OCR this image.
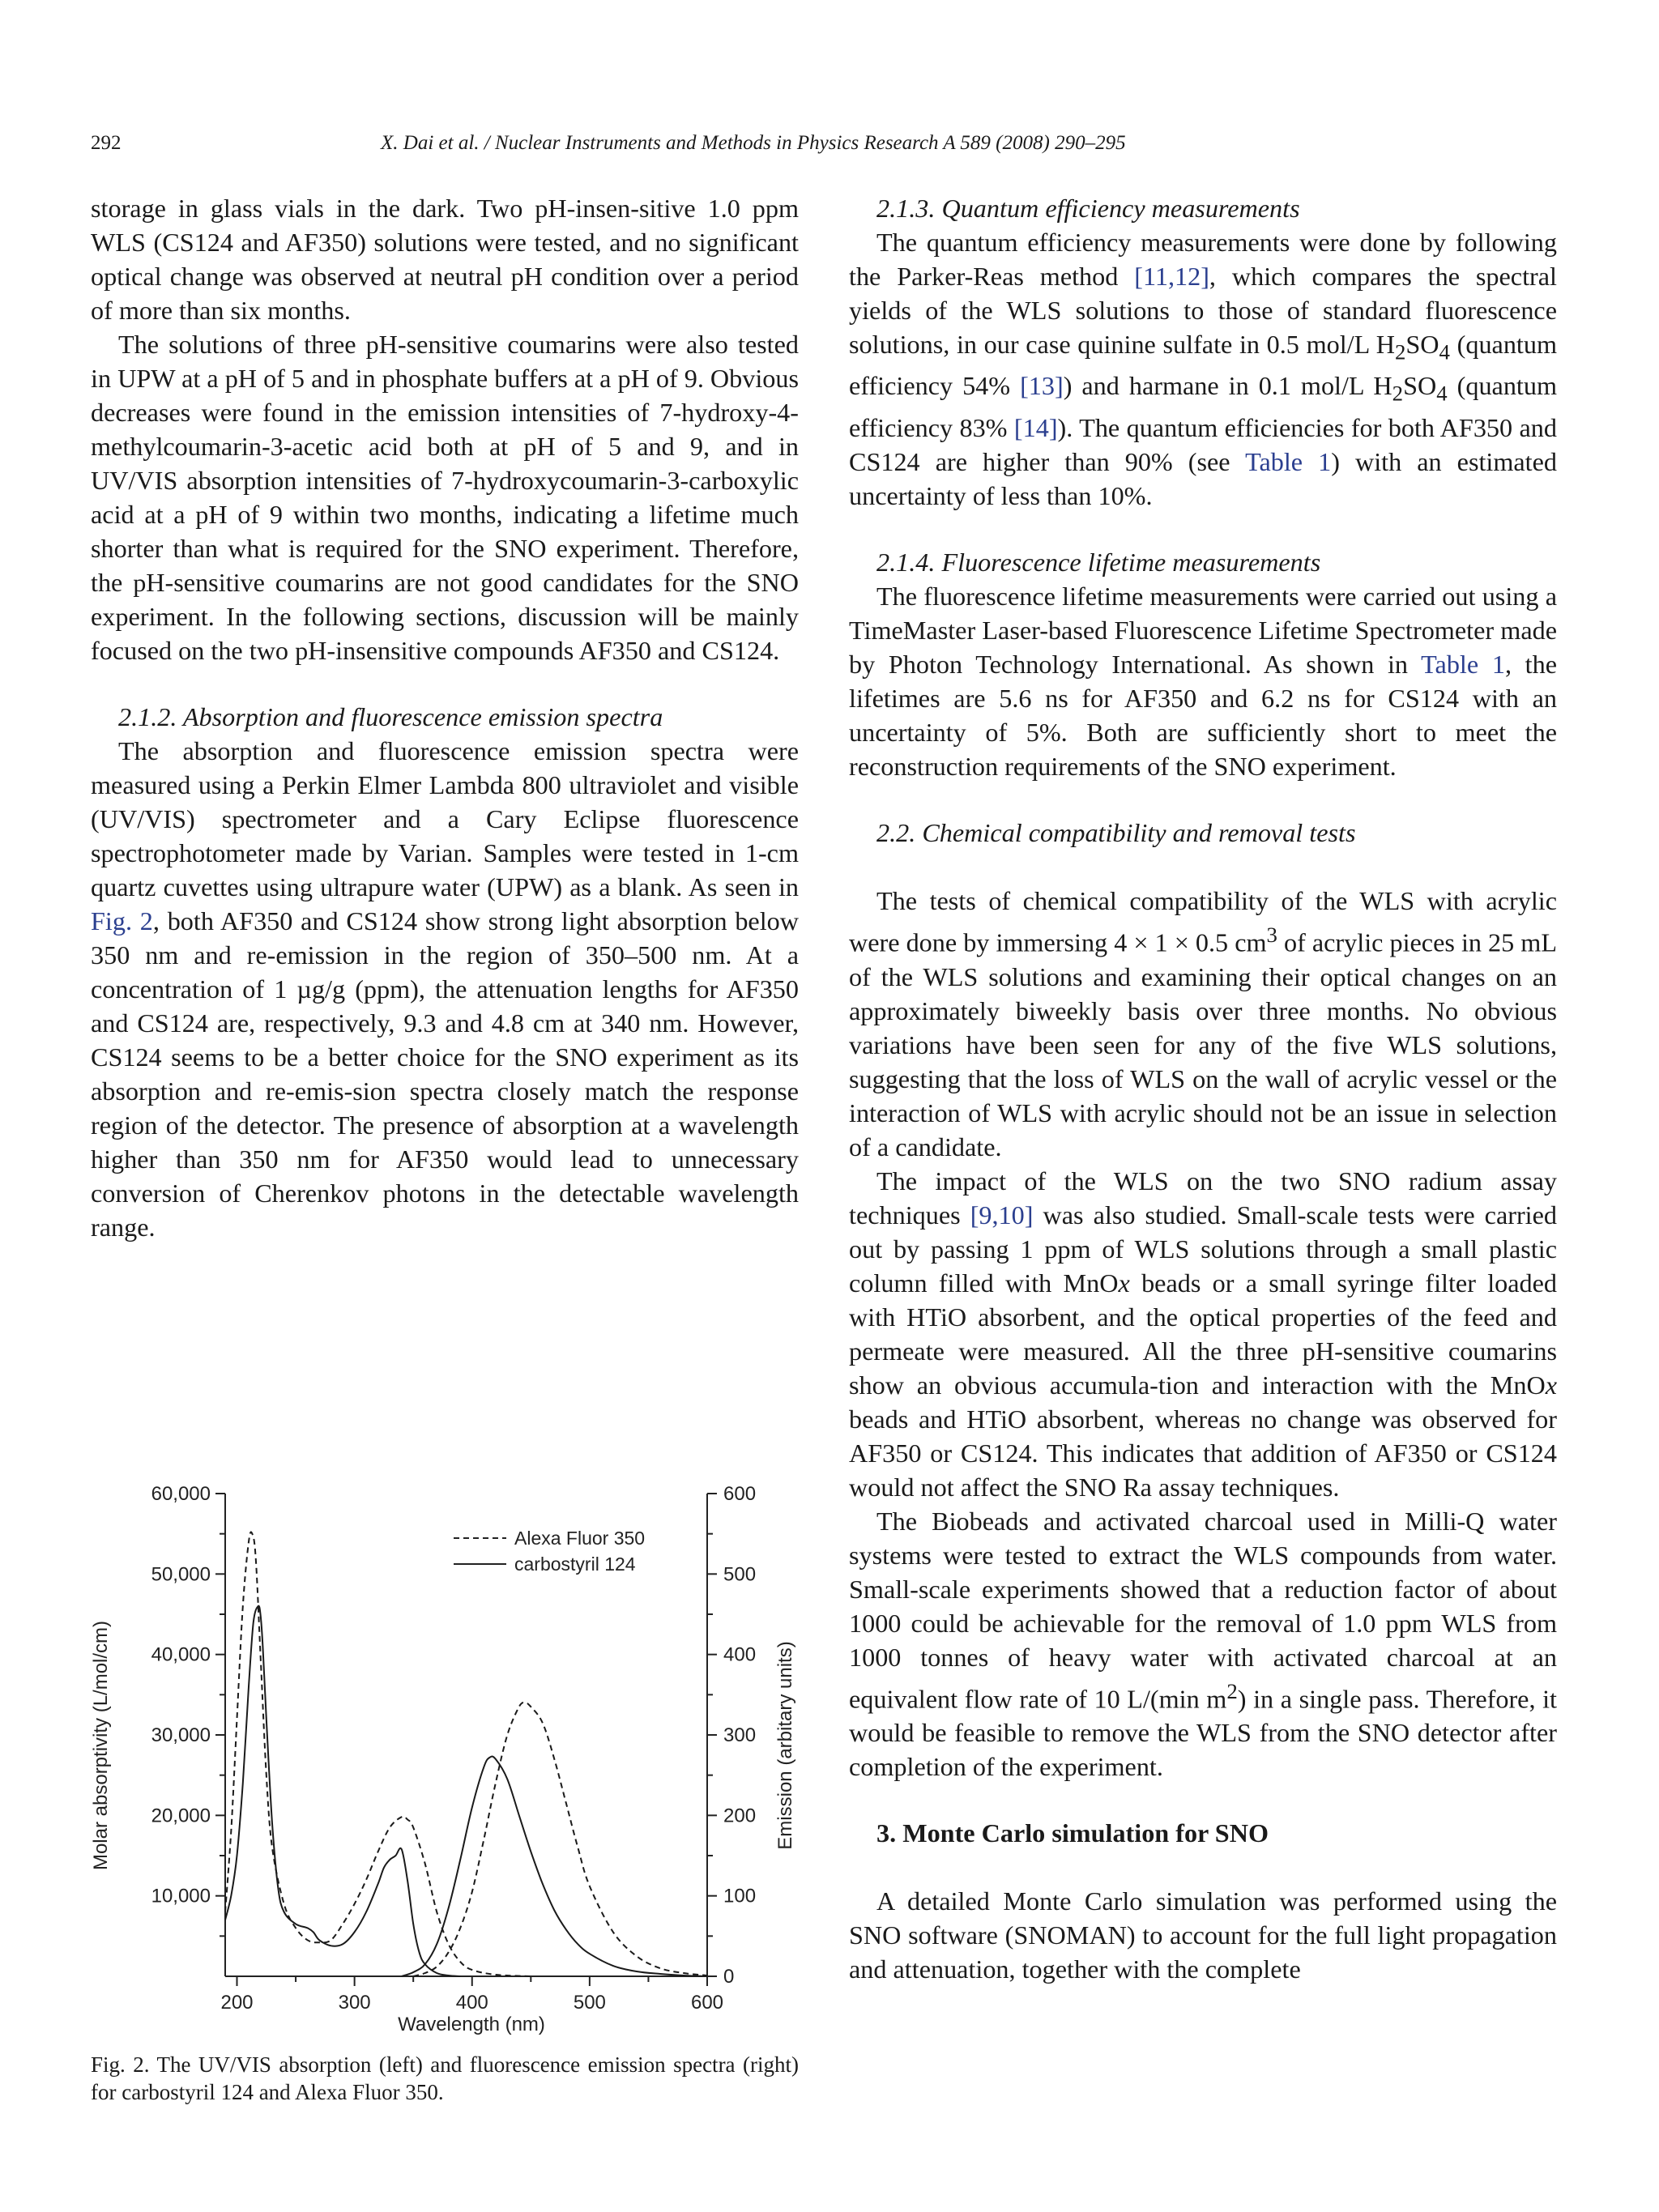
292	X. Dai et al. / Nuclear Instruments and Methods in Physics Research A 589 (2008) 290–295

storage in glass vials in the dark. Two pH-insen-sitive 1.0 ppm WLS (CS124 and AF350) solutions were tested, and no significant optical change was observed at neutral pH condition over a period of more than six months.

The solutions of three pH-sensitive coumarins were also tested in UPW at a pH of 5 and in phosphate buffers at a pH of 9. Obvious decreases were found in the emission intensities of 7-hydroxy-4-methylcoumarin-3-acetic acid both at pH of 5 and 9, and in UV/VIS absorption intensities of 7-hydroxycoumarin-3-carboxylic acid at a pH of 9 within two months, indicating a lifetime much shorter than what is required for the SNO experiment. Therefore, the pH-sensitive coumarins are not good candidates for the SNO experiment. In the following sections, discussion will be mainly focused on the two pH-insensitive compounds AF350 and CS124.

2.1.2. Absorption and fluorescence emission spectra

The absorption and fluorescence emission spectra were measured using a Perkin Elmer Lambda 800 ultraviolet and visible (UV/VIS) spectrometer and a Cary Eclipse fluorescence spectrophotometer made by Varian. Samples were tested in 1-cm quartz cuvettes using ultrapure water (UPW) as a blank. As seen in Fig. 2, both AF350 and CS124 show strong light absorption below 350 nm and re-emission in the region of 350–500 nm. At a concentration of 1 µg/g (ppm), the attenuation lengths for AF350 and CS124 are, respectively, 9.3 and 4.8 cm at 340 nm. However, CS124 seems to be a better choice for the SNO experiment as its absorption and re-emis-sion spectra closely match the response region of the detector. The presence of absorption at a wavelength higher than 350 nm for AF350 would lead to unnecessary conversion of Cherenkov photons in the detectable wavelength range.

200	300	400	500	600
10,000
20,000
30,000
40,000
50,000
60,000
0
100
200
300
400
500
600
Molar absorptivity (L/mol/cm)	Emission (arbitary units)
Wavelength (nm)
Alexa Fluor 350
carbostyril 124
Fig. 2. The UV/VIS absorption (left) and fluorescence emission spectra (right) for carbostyril 124 and Alexa Fluor 350.

2.1.3. Quantum efficiency measurements

The quantum efficiency measurements were done by following the Parker-Reas method [11,12], which compares the spectral yields of the WLS solutions to those of standard fluorescence solutions, in our case quinine sulfate in 0.5 mol/L $H_2SO_4$ (quantum efficiency 54% [13]) and harmane in 0.1 mol/L $H_2SO_4$ (quantum efficiency 83% [14]). The quantum efficiencies for both AF350 and CS124 are higher than 90% (see Table 1) with an estimated uncertainty of less than 10%.

2.1.4. Fluorescence lifetime measurements

The fluorescence lifetime measurements were carried out using a TimeMaster Laser-based Fluorescence Lifetime Spectrometer made by Photon Technology International. As shown in Table 1, the lifetimes are 5.6 ns for AF350 and 6.2 ns for CS124 with an uncertainty of 5%. Both are sufficiently short to meet the reconstruction requirements of the SNO experiment.

2.2. Chemical compatibility and removal tests

The tests of chemical compatibility of the WLS with acrylic were done by immersing 4 × 1 × 0.5 $cm^3$ of acrylic pieces in 25 mL of the WLS solutions and examining their optical changes on an approximately biweekly basis over three months. No obvious variations have been seen for any of the five WLS solutions, suggesting that the loss of WLS on the wall of acrylic vessel or the interaction of WLS with acrylic should not be an issue in selection of a candidate.

The impact of the WLS on the two SNO radium assay techniques [9,10] was also studied. Small-scale tests were carried out by passing 1 ppm of WLS solutions through a small plastic column filled with MnOx beads or a small syringe filter loaded with HTiO absorbent, and the optical properties of the feed and permeate were measured. All the three pH-sensitive coumarins show an obvious accumula-tion and interaction with the MnOx beads and HTiO absorbent, whereas no change was observed for AF350 or CS124. This indicates that addition of AF350 or CS124 would not affect the SNO Ra assay techniques.

The Biobeads and activated charcoal used in Milli-Q water systems were tested to extract the WLS compounds from water. Small-scale experiments showed that a reduction factor of about 1000 could be achievable for the removal of 1.0 ppm WLS from 1000 tonnes of heavy water with activated charcoal at an equivalent flow rate of 10 L/(min $m^2$) in a single pass. Therefore, it would be feasible to remove the WLS from the SNO detector after completion of the experiment.

3. Monte Carlo simulation for SNO

A detailed Monte Carlo simulation was performed using the SNO software (SNOMAN) to account for the full light propagation and attenuation, together with the complete
